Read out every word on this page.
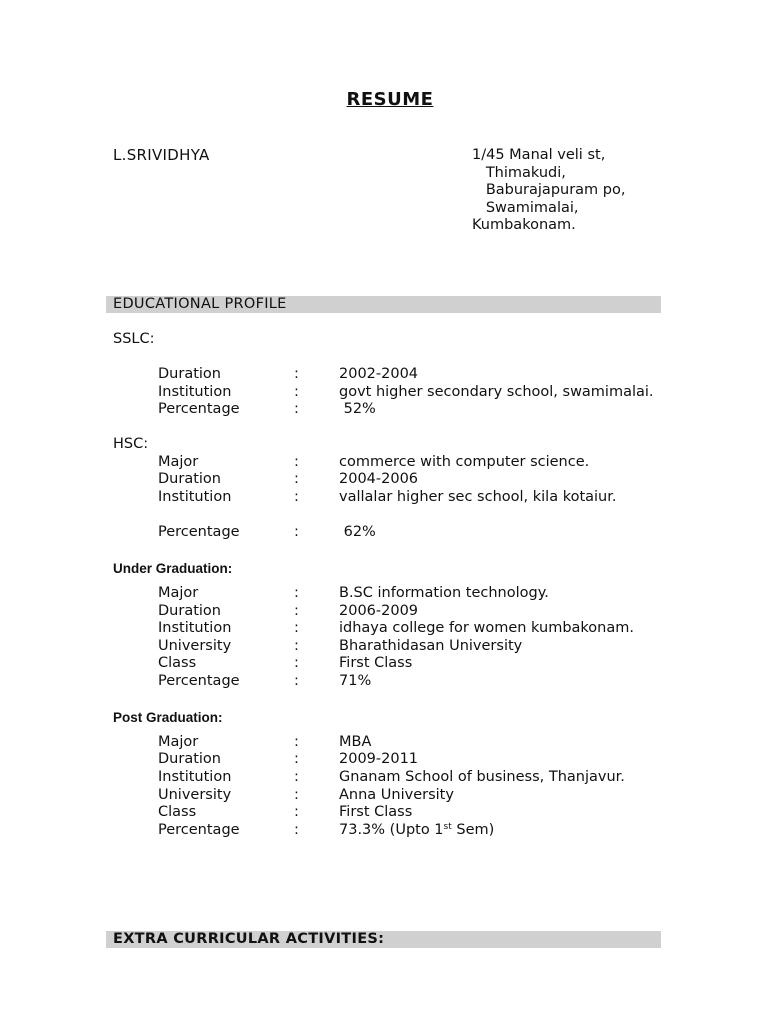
RESUME
L.SRIVIDHYA	1/45 Manal veli st,
Thimakudi,
Baburajapuram po,
Swamimalai,
Kumbakonam.
EDUCATIONAL PROFILE
SSLC:
Duration	:	2002-2004
Institution	:	govt higher secondary school, swamimalai.
Percentage	:	52%
HSC:
Major	:	commerce with computer science.
Duration	:	2004-2006
Institution	:	vallalar higher sec school, kila kotaiur.
Percentage	:	62%
Under Graduation:
Major	:	B.SC information technology.
Duration	:	2006-2009
Institution	:	idhaya college for women kumbakonam.
University	:	Bharathidasan University
Class	:	First Class
Percentage	:	71%
Post Graduation:
Major	:	MBA
Duration	:	2009-2011
Institution	:	Gnanam School of business, Thanjavur.
University	:	Anna University
Class	:	First Class
Percentage	:	73.3% (Upto 1st Sem)
EXTRA CURRICULAR ACTIVITIES:
